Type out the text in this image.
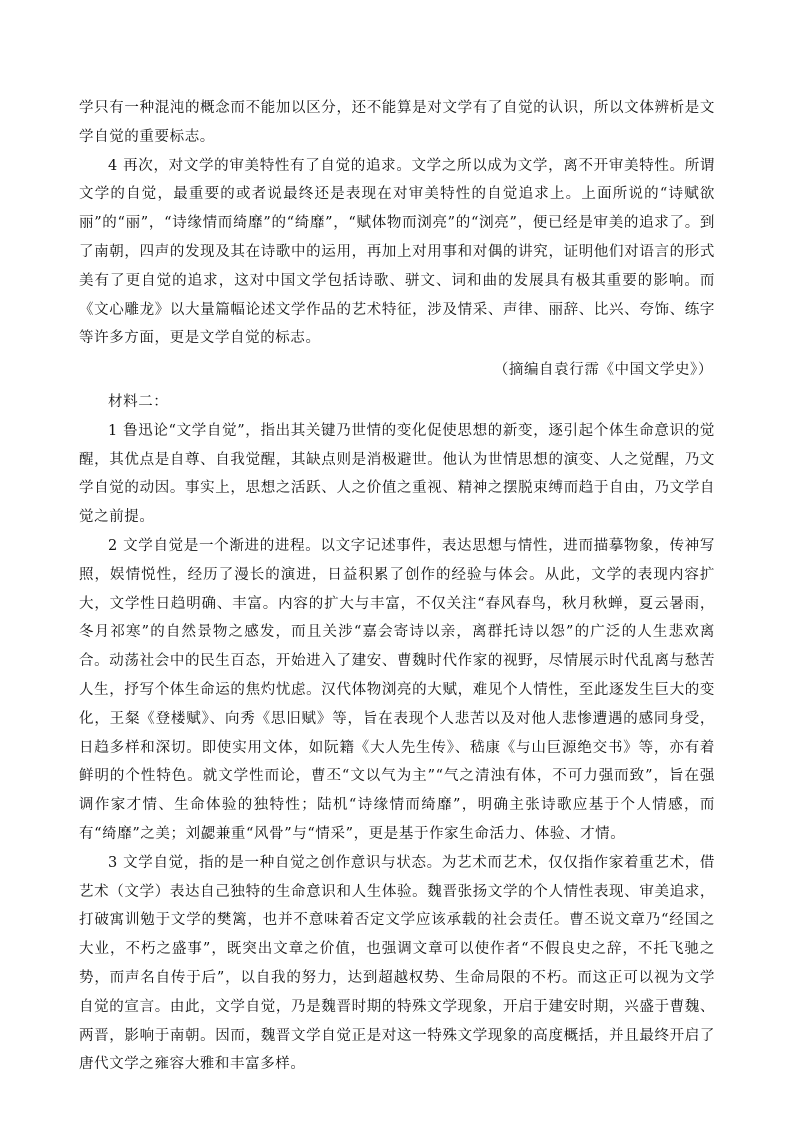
学只有一种混沌的概念而不能加以区分，还不能算是对文学有了自觉的认识，所以文体辨析是文学自觉的重要标志。

4 再次，对文学的审美特性有了自觉的追求。文学之所以成为文学，离不开审美特性。所谓文学的自觉，最重要的或者说最终还是表现在对审美特性的自觉追求上。上面所说的“诗赋欲丽”的“丽”，“诗缘情而绮靡”的“绮靡”，“赋体物而浏亮”的“浏亮”，便已经是审美的追求了。到了南朝，四声的发现及其在诗歌中的运用，再加上对用事和对偶的讲究，证明他们对语言的形式美有了更自觉的追求，这对中国文学包括诗歌、骈文、词和曲的发展具有极其重要的影响。而《文心雕龙》以大量篇幅论述文学作品的艺术特征，涉及情采、声律、丽辞、比兴、夸饰、练字等许多方面，更是文学自觉的标志。

（摘编自袁行霈《中国文学史》）

材料二：

1 鲁迅论“文学自觉”，指出其关键乃世情的变化促使思想的新变，逐引起个体生命意识的觉醒，其优点是自尊、自我觉醒，其缺点则是消极避世。他认为世情思想的演变、人之觉醒，乃文学自觉的动因。事实上，思想之活跃、人之价值之重视、精神之摆脱束缚而趋于自由，乃文学自觉之前提。

2 文学自觉是一个渐进的进程。以文字记述事件，表达思想与情性，进而描摹物象，传神写照，娱情悦性，经历了漫长的演进，日益积累了创作的经验与体会。从此，文学的表现内容扩大，文学性日趋明确、丰富。内容的扩大与丰富，不仅关注“春风春鸟，秋月秋蝉，夏云暑雨，冬月祁寒”的自然景物之感发，而且关涉“嘉会寄诗以亲，离群托诗以怨”的广泛的人生悲欢离合。动荡社会中的民生百态，开始进入了建安、曹魏时代作家的视野，尽情展示时代乱离与愁苦人生，抒写个体生命运的焦灼忧虑。汉代体物浏亮的大赋，难见个人情性，至此逐发生巨大的变化，王粲《登楼赋》、向秀《思旧赋》等，旨在表现个人悲苦以及对他人悲惨遭遇的感同身受，日趋多样和深切。即使实用文体，如阮籍《大人先生传》、嵇康《与山巨源绝交书》等，亦有着鲜明的个性特色。就文学性而论，曹丕“文以气为主”“气之清浊有体，不可力强而致”，旨在强调作家才情、生命体验的独特性；陆机“诗缘情而绮靡”，明确主张诗歌应基于个人情感，而有“绮靡”之美；刘勰兼重“风骨”与“情采”，更是基于作家生命活力、体验、才情。

3 文学自觉，指的是一种自觉之创作意识与状态。为艺术而艺术，仅仅指作家着重艺术，借艺术（文学）表达自己独特的生命意识和人生体验。魏晋张扬文学的个人情性表现、审美追求，打破寓训勉于文学的樊篱，也并不意味着否定文学应该承载的社会责任。曹丕说文章乃“经国之大业，不朽之盛事”，既突出文章之价值，也强调文章可以使作者“不假良史之辞，不托飞驰之势，而声名自传于后”，以自我的努力，达到超越权势、生命局限的不朽。而这正可以视为文学自觉的宣言。由此，文学自觉，乃是魏晋时期的特殊文学现象，开启于建安时期，兴盛于曹魏、两晋，影响于南朝。因而，魏晋文学自觉正是对这一特殊文学现象的高度概括，并且最终开启了唐代文学之雍容大雅和丰富多样。
